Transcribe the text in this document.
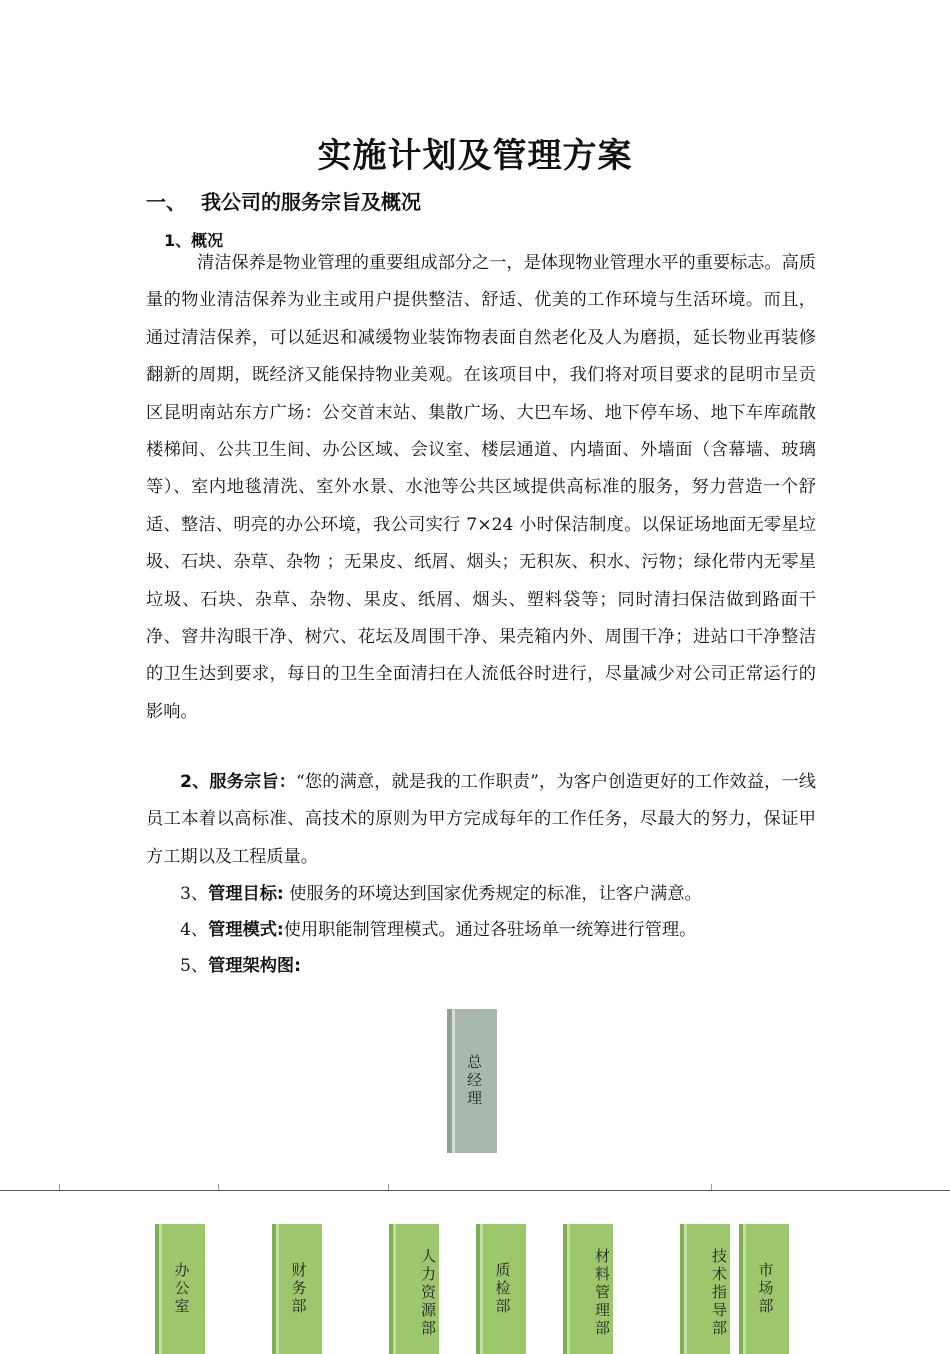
实施计划及管理方案
一、 我公司的服务宗旨及概况
1、概况

清洁保养是物业管理的重要组成部分之一，是体现物业管理水平的重要标志。高质量的物业清洁保养为业主或用户提供整洁、舒适、优美的工作环境与生活环境。而且，通过清洁保养，可以延迟和减缓物业装饰物表面自然老化及人为磨损，延长物业再装修翻新的周期，既经济又能保持物业美观。在该项目中，我们将对项目要求的昆明市呈贡区昆明南站东方广场：公交首末站、集散广场、大巴车场、地下停车场、地下车库疏散楼梯间、公共卫生间、办公区域、会议室、楼层通道、内墙面、外墙面（含幕墙、玻璃等）、室内地毯清洗、室外水景、水池等公共区域提供高标准的服务，努力营造一个舒适、整洁、明亮的办公环境，我公司实行 7×24 小时保洁制度。以保证场地面无零星垃圾、石块、杂草、杂物 ；无果皮、纸屑、烟头；无积灰、积水、污物；绿化带内无零星垃圾、石块、杂草、杂物、果皮、纸屑、烟头、塑料袋等；同时清扫保洁做到路面干净、窨井沟眼干净、树穴、花坛及周围干净、果壳箱内外、周围干净；进站口干净整洁的卫生达到要求，每日的卫生全面清扫在人流低谷时进行，尽量减少对公司正常运行的影响。

2、服务宗旨：“您的满意，就是我的工作职责”，为客户创造更好的工作效益，一线员工本着以高标准、高技术的原则为甲方完成每年的工作任务，尽最大的努力，保证甲方工期以及工程质量。

3、管理目标: 使服务的环境达到国家优秀规定的标准，让客户满意。
4、管理模式:使用职能制管理模式。通过各驻场单一统筹进行管理。
5、管理架构图:
总经理
办公室	财务部	人力资源部	质检部	材料管理部	技术指导部	市场部
